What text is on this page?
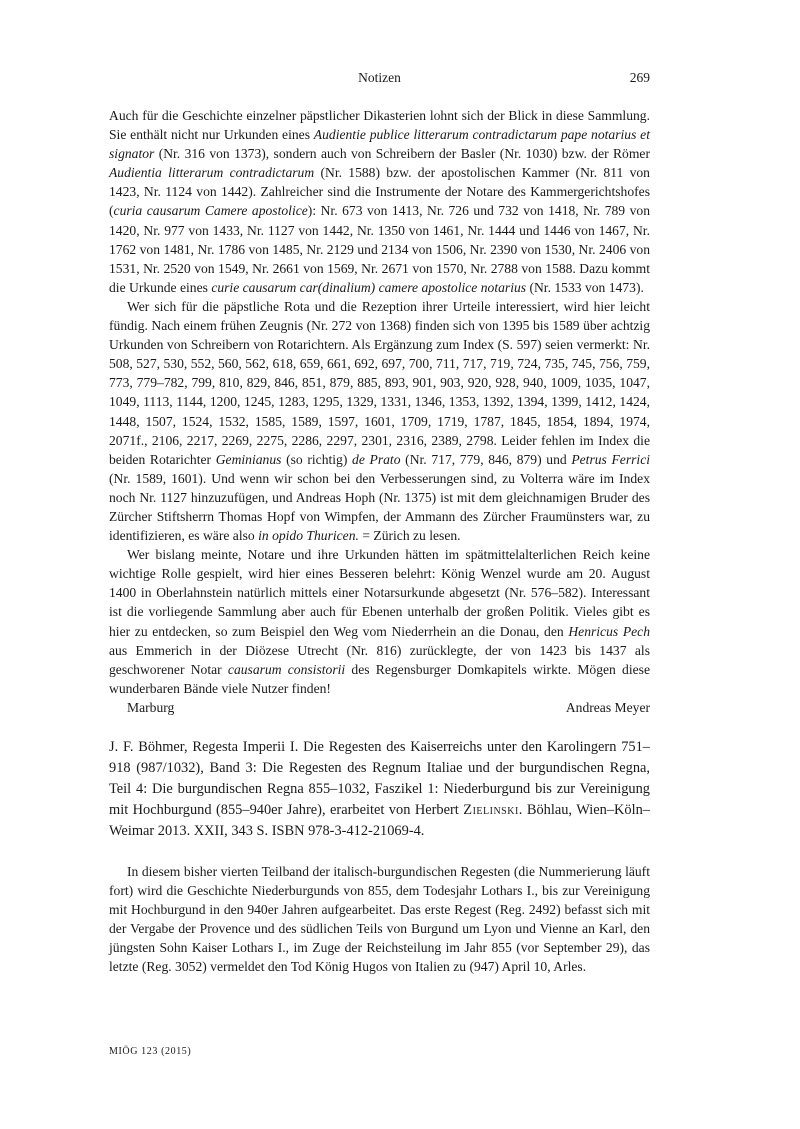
Notizen	269

Auch für die Geschichte einzelner päpstlicher Dikasterien lohnt sich der Blick in diese Sammlung. Sie enthält nicht nur Urkunden eines Audientie publice litterarum contradictarum pape notarius et signator (Nr. 316 von 1373), sondern auch von Schreibern der Basler (Nr. 1030) bzw. der Römer Audientia litterarum contradictarum (Nr. 1588) bzw. der apostolischen Kammer (Nr. 811 von 1423, Nr. 1124 von 1442). Zahlreicher sind die Instrumente der Notare des Kammergerichtshofes (curia causarum Camere apostolice): Nr. 673 von 1413, Nr. 726 und 732 von 1418, Nr. 789 von 1420, Nr. 977 von 1433, Nr. 1127 von 1442, Nr. 1350 von 1461, Nr. 1444 und 1446 von 1467, Nr. 1762 von 1481, Nr. 1786 von 1485, Nr. 2129 und 2134 von 1506, Nr. 2390 von 1530, Nr. 2406 von 1531, Nr. 2520 von 1549, Nr. 2661 von 1569, Nr. 2671 von 1570, Nr. 2788 von 1588. Dazu kommt die Urkunde eines curie causarum car(dinalium) camere apostolice notarius (Nr. 1533 von 1473).

Wer sich für die päpstliche Rota und die Rezeption ihrer Urteile interessiert, wird hier leicht fündig. Nach einem frühen Zeugnis (Nr. 272 von 1368) finden sich von 1395 bis 1589 über achtzig Urkunden von Schreibern von Rotarichtern. Als Ergänzung zum Index (S. 597) seien vermerkt: Nr. 508, 527, 530, 552, 560, 562, 618, 659, 661, 692, 697, 700, 711, 717, 719, 724, 735, 745, 756, 759, 773, 779–782, 799, 810, 829, 846, 851, 879, 885, 893, 901, 903, 920, 928, 940, 1009, 1035, 1047, 1049, 1113, 1144, 1200, 1245, 1283, 1295, 1329, 1331, 1346, 1353, 1392, 1394, 1399, 1412, 1424, 1448, 1507, 1524, 1532, 1585, 1589, 1597, 1601, 1709, 1719, 1787, 1845, 1854, 1894, 1974, 2071f., 2106, 2217, 2269, 2275, 2286, 2297, 2301, 2316, 2389, 2798. Leider fehlen im Index die beiden Rotarichter Geminianus (so richtig) de Prato (Nr. 717, 779, 846, 879) und Petrus Ferrici (Nr. 1589, 1601). Und wenn wir schon bei den Verbesserungen sind, zu Volterra wäre im Index noch Nr. 1127 hinzuzufügen, und Andreas Hoph (Nr. 1375) ist mit dem gleichnamigen Bruder des Zürcher Stiftsherrn Thomas Hopf von Wimpfen, der Ammann des Zürcher Fraumünsters war, zu identifizieren, es wäre also in opido Thuricen. = Zürich zu lesen.

Wer bislang meinte, Notare und ihre Urkunden hätten im spätmittelalterlichen Reich keine wichtige Rolle gespielt, wird hier eines Besseren belehrt: König Wenzel wurde am 20. August 1400 in Oberlahnstein natürlich mittels einer Notarsurkunde abgesetzt (Nr. 576–582). Interessant ist die vorliegende Sammlung aber auch für Ebenen unterhalb der großen Politik. Vieles gibt es hier zu entdecken, so zum Beispiel den Weg vom Niederrhein an die Donau, den Henricus Pech aus Emmerich in der Diözese Utrecht (Nr. 816) zurücklegte, der von 1423 bis 1437 als geschworener Notar causarum consistorii des Regensburger Domkapitels wirkte. Mögen diese wunderbaren Bände viele Nutzer finden!

Marburg	Andreas Meyer
J. F. Böhmer, Regesta Imperii I. Die Regesten des Kaiserreichs unter den Karolingern 751–918 (987/1032), Band 3: Die Regesten des Regnum Italiae und der burgundischen Regna, Teil 4: Die burgundischen Regna 855–1032, Faszikel 1: Niederburgund bis zur Vereinigung mit Hochburgund (855–940er Jahre), erarbeitet von Herbert Zielinski. Böhlau, Wien–Köln–Weimar 2013. XXII, 343 S. ISBN 978-3-412-21069-4.

In diesem bisher vierten Teilband der italisch-burgundischen Regesten (die Nummerierung läuft fort) wird die Geschichte Niederburgunds von 855, dem Todesjahr Lothars I., bis zur Vereinigung mit Hochburgund in den 940er Jahren aufgearbeitet. Das erste Regest (Reg. 2492) befasst sich mit der Vergabe der Provence und des südlichen Teils von Burgund um Lyon und Vienne an Karl, den jüngsten Sohn Kaiser Lothars I., im Zuge der Reichsteilung im Jahr 855 (vor September 29), das letzte (Reg. 3052) vermeldet den Tod König Hugos von Italien zu (947) April 10, Arles.

MIÖG 123 (2015)
